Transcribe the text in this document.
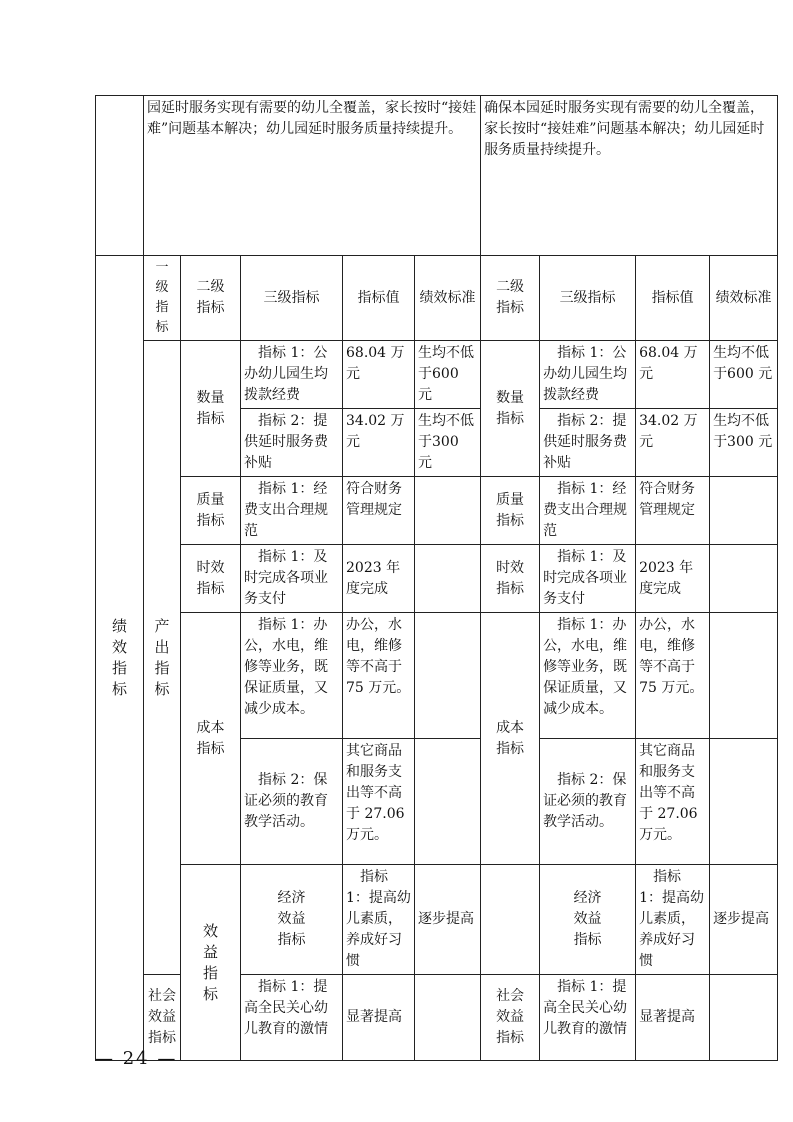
	园延时服务实现有需要的幼儿全覆盖，家长按时“接娃难”问题基本解决；幼儿园延时服务质量持续提升。					确保本园延时服务实现有需要的幼儿全覆盖，家长按时“接娃难”问题基本解决；幼儿园延时服务质量持续提升。				

绩效指标	一级指标	二级指标	三级指标	指标值	绩效标准	二级指标	三级指标	指标值	绩效标准	

	产出指标	数量指标	指标 1：公办幼儿园生均拨款经费	68.04 万元	生均不低于600 元	数量指标	指标 1：公办幼儿园生均拨款经费	68.04 万元	生均不低于600 元	
			指标 2：提供延时服务费补贴	34.02 万元	生均不低于300 元		指标 2：提供延时服务费补贴	34.02 万元	生均不低于300 元	

		质量指标	指标 1：经费支出合理规范	符合财务管理规定		质量指标	指标 1：经费支出合理规范	符合财务管理规定		

		时效指标	指标 1：及时完成各项业务支付	2023 年度完成		时效指标	指标 1：及时完成各项业务支付	2023 年度完成		

		成本指标	指标 1：办公，水电，维修等业务，既保证质量，又减少成本。	办公，水电，维修等不高于 75 万元。		成本指标	指标 1：办公，水电，维修等业务，既保证质量，又减少成本。	办公，水电，维修等不高于 75 万元。		
			指标 2：保证必须的教育教学活动。	其它商品和服务支出等不高于 27.06 万元。			指标 2：保证必须的教育教学活动。	其它商品和服务支出等不高于 27.06 万元。		

		效益指标	经济效益指标	指标 1：提高幼儿素质，养成好习惯	逐步提高		经济效益指标	指标 1：提高幼儿素质，养成好习惯	逐步提高	

	社会效益指标		指标 1：提高全民关心幼儿教育的激情	显著提高		社会效益指标	指标 1：提高全民关心幼儿教育的激情	显著提高		
— 24 —
